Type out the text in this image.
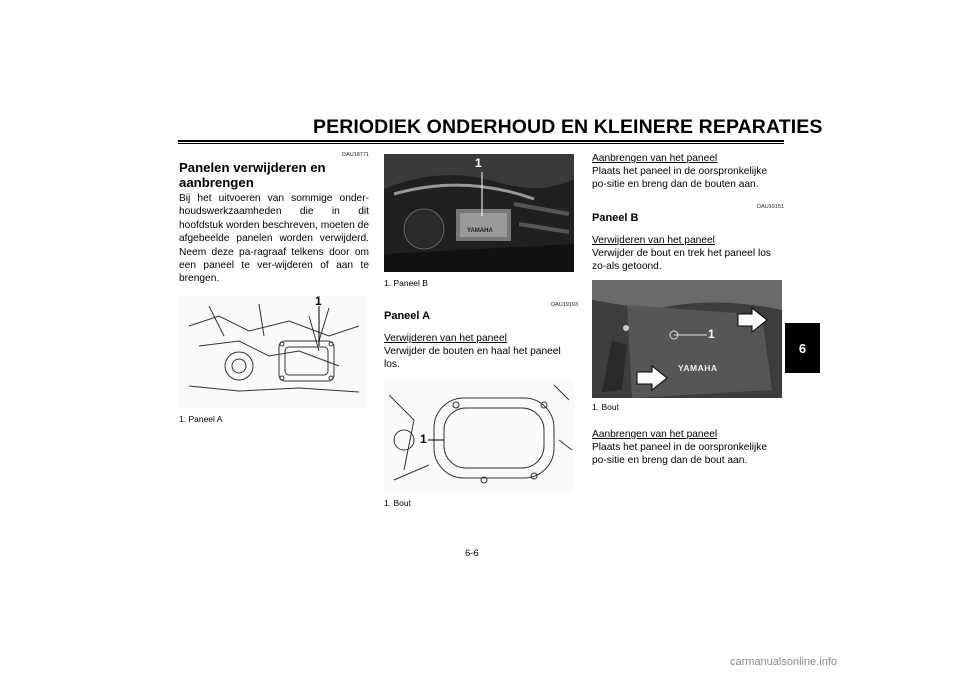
PERIODIEK ONDERHOUD EN KLEINERE REPARATIES
DAU18771
Panelen verwijderen en aanbrengen

Bij het uitvoeren van sommige onder-houdswerkzaamheden die in dit hoofdstuk worden beschreven, moeten de afgebeelde panelen worden verwijderd. Neem deze pa-ragraaf telkens door om een paneel te ver-wijderen of aan te brengen.

1
1. Paneel A
1
YAMAHA
1. Paneel B
DAU19193
Paneel A
Verwijderen van het paneel

Verwijder de bouten en haal het paneel los.

1
1. Bout
Aanbrengen van het paneel

Plaats het paneel in de oorspronkelijke po-sitie en breng dan de bouten aan.

DAU19151
Paneel B
Verwijderen van het paneel

Verwijder de bout en trek het paneel los zo-als getoond.

1
YAMAHA
1. Bout
Aanbrengen van het paneel

Plaats het paneel in de oorspronkelijke po-sitie en breng dan de bout aan.

6
6-6
carmanualsonline.info
